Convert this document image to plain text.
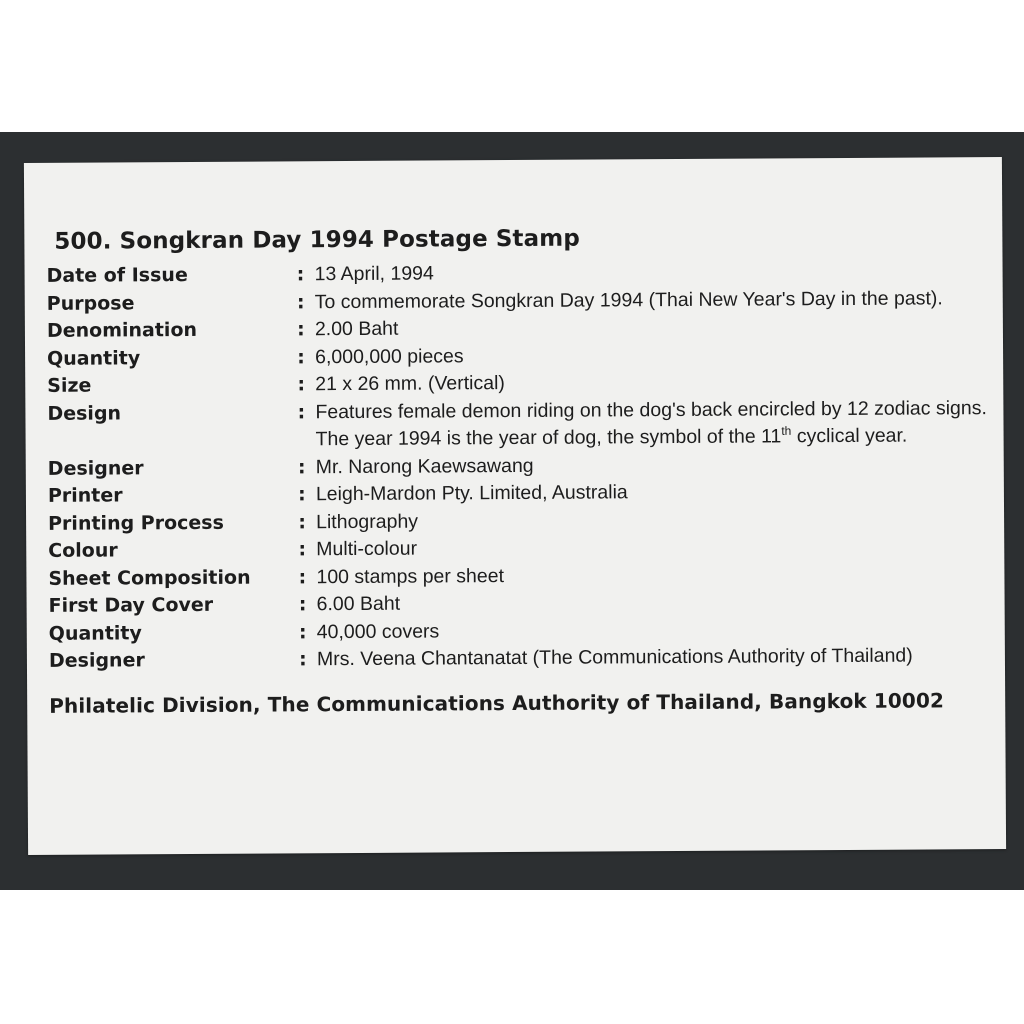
500. Songkran Day 1994 Postage Stamp
Date of Issue	: 13 April, 1994
Purpose	: To commemorate Songkran Day 1994 (Thai New Year's Day in the past).
Denomination	: 2.00 Baht
Quantity	: 6,000,000 pieces
Size	: 21 x 26 mm. (Vertical)
Design	: Features female demon riding on the dog's back encircled by 12 zodiac signs. The year 1994 is the year of dog, the symbol of the 11th cyclical year.
Designer	: Mr. Narong Kaewsawang
Printer	: Leigh-Mardon Pty. Limited, Australia
Printing Process	: Lithography
Colour	: Multi-colour
Sheet Composition	: 100 stamps per sheet
First Day Cover	: 6.00 Baht
Quantity	: 40,000 covers
Designer	: Mrs. Veena Chantanatat (The Communications Authority of Thailand)
Philatelic Division, The Communications Authority of Thailand, Bangkok 10002
